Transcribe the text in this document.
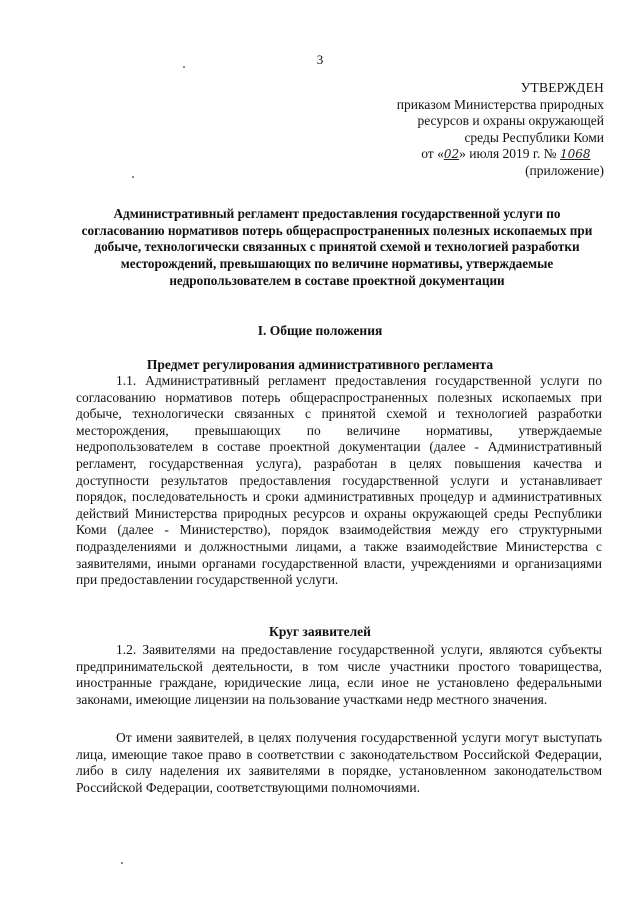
3
УТВЕРЖДЕН
приказом Министерства природных
ресурсов и охраны окружающей
среды Республики Коми
от «02» июля 2019 г. № 1068
(приложение)
Административный регламент предоставления государственной услуги по согласованию нормативов потерь общераспространенных полезных ископаемых при добыче, технологически связанных с принятой схемой и технологией разработки месторождений, превышающих по величине нормативы, утверждаемые недропользователем в составе проектной документации
I. Общие положения
Предмет регулирования административного регламента

1.1. Административный регламент предоставления государственной услуги по согласованию нормативов потерь общераспространенных полезных ископаемых при добыче, технологически связанных с принятой схемой и технологией разработки месторождения, превышающих по величине нормативы, утверждаемые недропользователем в составе проектной документации (далее - Административный регламент, государственная услуга), разработан в целях повышения качества и доступности результатов предоставления государственной услуги и устанавливает порядок, последовательность и сроки административных процедур и административных действий Министерства природных ресурсов и охраны окружающей среды Республики Коми (далее - Министерство), порядок взаимодействия между его структурными подразделениями и должностными лицами, а также взаимодействие Министерства с заявителями, иными органами государственной власти, учреждениями и организациями при предоставлении государственной услуги.

Круг заявителей

1.2. Заявителями на предоставление государственной услуги, являются субъекты предпринимательской деятельности, в том числе участники простого товарищества, иностранные граждане, юридические лица, если иное не установлено федеральными законами, имеющие лицензии на пользование участками недр местного значения.

От имени заявителей, в целях получения государственной услуги могут выступать лица, имеющие такое право в соответствии с законодательством Российской Федерации, либо в силу наделения их заявителями в порядке, установленном законодательством Российской Федерации, соответствующими полномочиями.
